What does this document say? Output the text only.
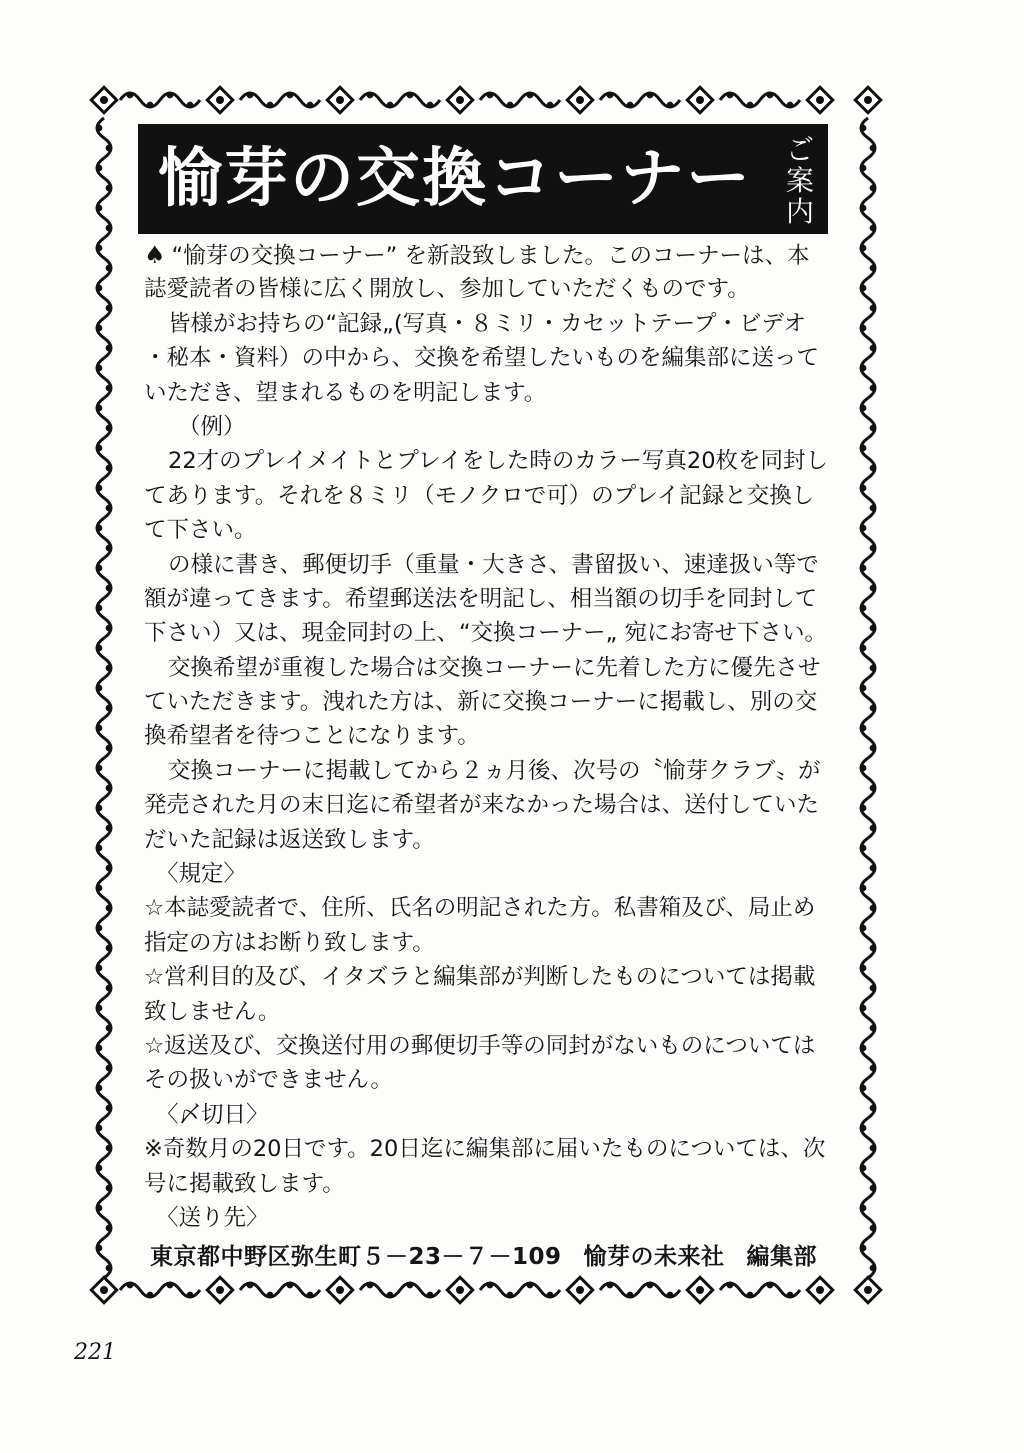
愉芽の交換コーナー ご案内
♠ “愉芽の交換コーナー” を新設致しました。このコーナーは、本
誌愛読者の皆様に広く開放し、参加していただくものです。
皆様がお持ちの“記録„(写真・８ミリ・カセットテープ・ビデオ
・秘本・資料）の中から、交換を希望したいものを編集部に送って
いただき、望まれるものを明記します。
（例）
22才のプレイメイトとプレイをした時のカラー写真20枚を同封し
てあります。それを８ミリ（モノクロで可）のプレイ記録と交換し
て下さい。
の様に書き、郵便切手（重量・大きさ、書留扱い、速達扱い等で
額が違ってきます。希望郵送法を明記し、相当額の切手を同封して
下さい）又は、現金同封の上、“交換コーナー„ 宛にお寄せ下さい。
交換希望が重複した場合は交換コーナーに先着した方に優先させ
ていただきます。洩れた方は、新に交換コーナーに掲載し、別の交
換希望者を待つことになります。
交換コーナーに掲載してから２ヵ月後、次号の〝愉芽クラブ〟が
発売された月の末日迄に希望者が来なかった場合は、送付していた
だいた記録は返送致します。
〈規定〉
☆本誌愛読者で、住所、氏名の明記された方。私書箱及び、局止め
指定の方はお断り致します。
☆営利目的及び、イタズラと編集部が判断したものについては掲載
致しません。
☆返送及び、交換送付用の郵便切手等の同封がないものについては
その扱いができません。
〈〆切日〉
※奇数月の20日です。20日迄に編集部に届いたものについては、次
号に掲載致します。
〈送り先〉
東京都中野区弥生町５－23－７－109 愉芽の未来社 編集部
221
